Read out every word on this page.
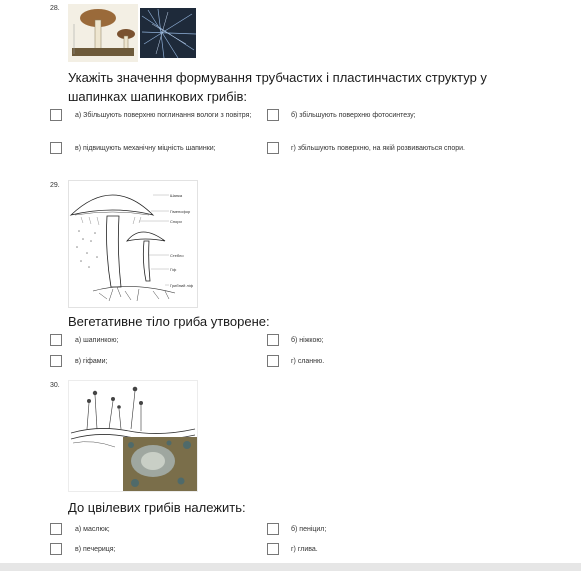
28.
Укажіть значення формування трубчастих і пластинчастих структур у шапинках шапинкових грибів:
а) Збільшують поверхню поглинання вологи з повітря;	б) збільшують поверхню фотосинтезу;
в) підвищують механічну міцність шапинки;	г) збільшують поверхню, на якій розвиваються спори.
29.
Шапка
Гіменофор
Спори
Стебло
Гіф
Грибний ліф
Вегетативне тіло гриба утворене:
а) шапинкою;	б) ніжкою;
в) гіфами;	г) сланню.
30.
До цвілевих грибів належить:
а) маслюк;	б) пеніцил;
в) печериця;	г) глива.
